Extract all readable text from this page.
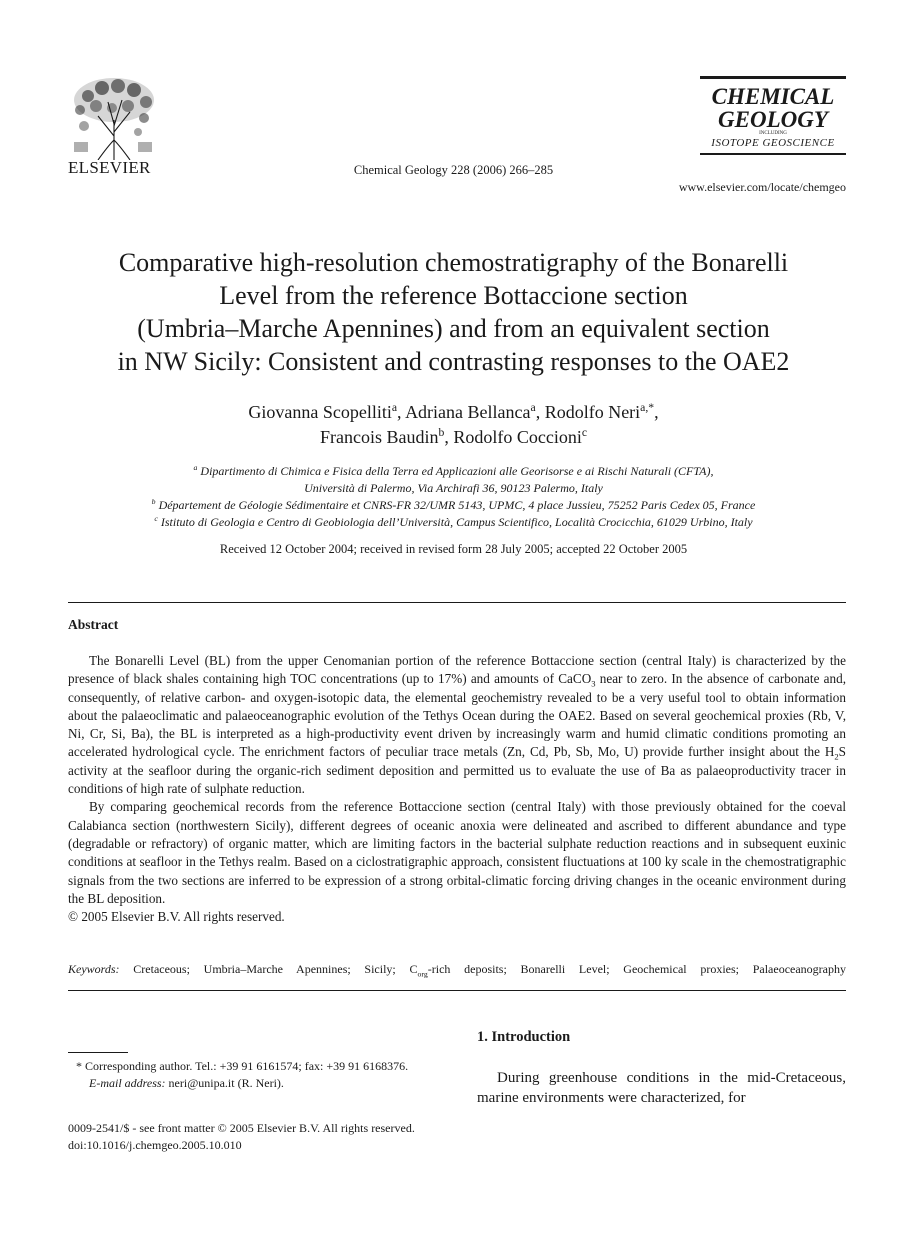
ELSEVIER	Chemical Geology 228 (2006) 266–285
CHEMICAL
GEOLOGY
INCLUDING
ISOTOPE GEOSCIENCE
www.elsevier.com/locate/chemgeo
Comparative high-resolution chemostratigraphy of the Bonarelli
Level from the reference Bottaccione section
(Umbria–Marche Apennines) and from an equivalent section
in NW Sicily: Consistent and contrasting responses to the OAE2
Giovanna Scopelliti$^a$, Adriana Bellanca$^a$, Rodolfo Neri$^{a,*}$,
Francois Baudin$^b$, Rodolfo Coccioni$^c$
$^a$ Dipartimento di Chimica e Fisica della Terra ed Applicazioni alle Georisorse e ai Rischi Naturali (CFTA),
Università di Palermo, Via Archirafi 36, 90123 Palermo, Italy
$^b$ Département de Géologie Sédimentaire et CNRS-FR 32/UMR 5143, UPMC, 4 place Jussieu, 75252 Paris Cedex 05, France
$^c$ Istituto di Geologia e Centro di Geobiologia dell’Università, Campus Scientifico, Località Crocicchia, 61029 Urbino, Italy
Received 12 October 2004; received in revised form 28 July 2005; accepted 22 October 2005
Abstract

The Bonarelli Level (BL) from the upper Cenomanian portion of the reference Bottaccione section (central Italy) is characterized by the presence of black shales containing high TOC concentrations (up to 17%) and amounts of CaCO$_3$ near to zero. In the absence of carbonate and, consequently, of relative carbon- and oxygen-isotopic data, the elemental geochemistry revealed to be a very useful tool to obtain information about the palaeoclimatic and palaeoceanographic evolution of the Tethys Ocean during the OAE2. Based on several geochemical proxies (Rb, V, Ni, Cr, Si, Ba), the BL is interpreted as a high-productivity event driven by increasingly warm and humid climatic conditions promoting an accelerated hydrological cycle. The enrichment factors of peculiar trace metals (Zn, Cd, Pb, Sb, Mo, U) provide further insight about the $H_2S$ activity at the seafloor during the organic-rich sediment deposition and permitted us to evaluate the use of Ba as palaeoproductivity tracer in conditions of high rate of sulphate reduction.

By comparing geochemical records from the reference Bottaccione section (central Italy) with those previously obtained for the coeval Calabianca section (northwestern Sicily), different degrees of oceanic anoxia were delineated and ascribed to different abundance and type (degradable or refractory) of organic matter, which are limiting factors in the bacterial sulphate reduction reactions and in subsequent euxinic conditions at seafloor in the Tethys realm. Based on a ciclostratigraphic approach, consistent fluctuations at 100 ky scale in the chemostratigraphic signals from the two sections are inferred to be expression of a strong orbital-climatic forcing driving changes in the oceanic environment during the BL deposition.

© 2005 Elsevier B.V. All rights reserved.
Keywords: Cretaceous; Umbria–Marche Apennines; Sicily; $C_{org}$-rich deposits; Bonarelli Level; Geochemical proxies; Palaeoceanography

* Corresponding author. Tel.: +39 91 6161574; fax: +39 91 6168376.

E-mail address: neri@unipa.it (R. Neri).

0009-2541/$ - see front matter © 2005 Elsevier B.V. All rights reserved.
doi:10.1016/j.chemgeo.2005.10.010
1. Introduction
During greenhouse conditions in the mid-Cretaceous, marine environments were characterized, for
